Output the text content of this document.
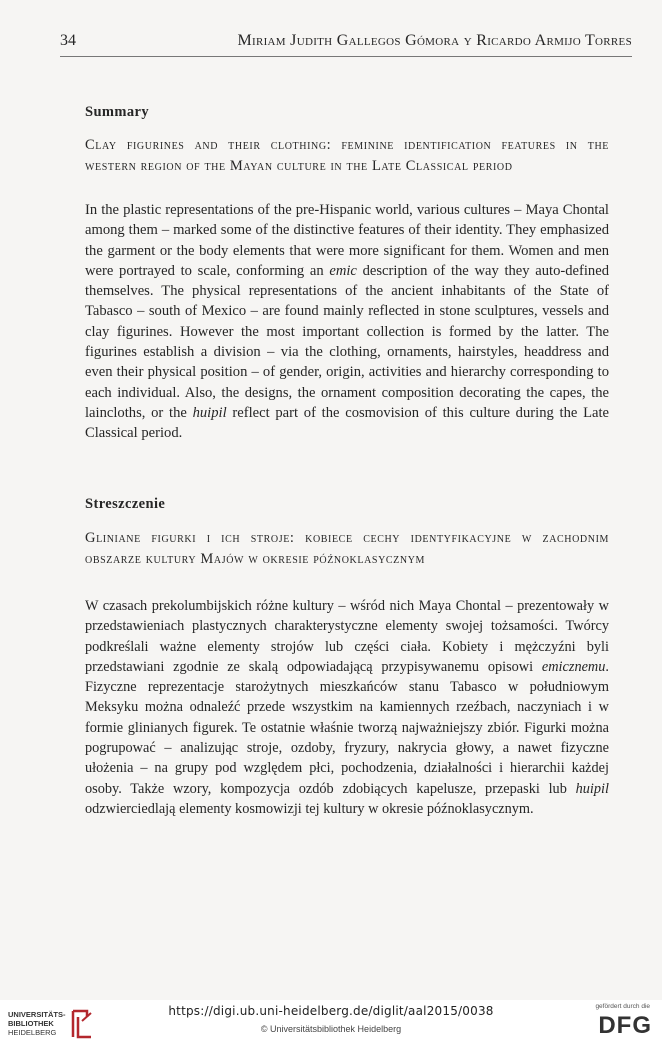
34	Miriam Judith Gallegos Gómora y Ricardo Armijo Torres

Summary

Clay figurines and their clothing: feminine identification features in the western region of the Mayan culture in the Late Classical period

In the plastic representations of the pre-Hispanic world, various cultures – Maya Chontal among them – marked some of the distinctive features of their identity. They emphasized the garment or the body elements that were more significant for them. Women and men were portrayed to scale, conforming an emic description of the way they auto-defined themselves. The physical representations of the ancient inhabitants of the State of Tabasco – south of Mexico – are found mainly reflected in stone sculptures, vessels and clay figurines. However the most important collection is formed by the latter. The figurines establish a division – via the clothing, ornaments, hairstyles, headdress and even their physical position – of gender, origin, activities and hierarchy corresponding to each individual. Also, the designs, the ornament composition decorating the capes, the laincloths, or the huipil reflect part of the cosmovision of this culture during the Late Classical period.

Streszczenie

Gliniane figurki i ich stroje: kobiece cechy identyfikacyjne w zachodnim obszarze kultury Majów w okresie późnoklasycznym

W czasach prekolumbijskich różne kultury – wśród nich Maya Chontal – prezentowały w przedstawieniach plastycznych charakterystyczne elementy swojej tożsamości. Twórcy podkreślali ważne elementy strojów lub części ciała. Kobiety i mężczyźni byli przedstawiani zgodnie ze skalą odpowiadającą przypisywanemu opisowi emicznemu. Fizyczne reprezentacje starożytnych mieszkańców stanu Tabasco w południowym Meksyku można odnaleźć przede wszystkim na kamiennych rzeźbach, naczyniach i w formie glinianych figurek. Te ostatnie właśnie tworzą najważniejszy zbiór. Figurki można pogrupować – analizując stroje, ozdoby, fryzury, nakrycia głowy, a nawet fizyczne ułożenia – na grupy pod względem płci, pochodzenia, działalności i hierarchii każdej osoby. Także wzory, kompozycja ozdób zdobiących kapelusze, przepaski lub huipil odzwierciedlają elementy kosmowizji tej kultury w okresie późnoklasycznym.

UNIVERSITÄTS-
BIBLIOTHEK
HEIDELBERG
https://digi.ub.uni-heidelberg.de/diglit/aal2015/0038
© Universitätsbibliothek Heidelberg
gefördert durch die
DFG
